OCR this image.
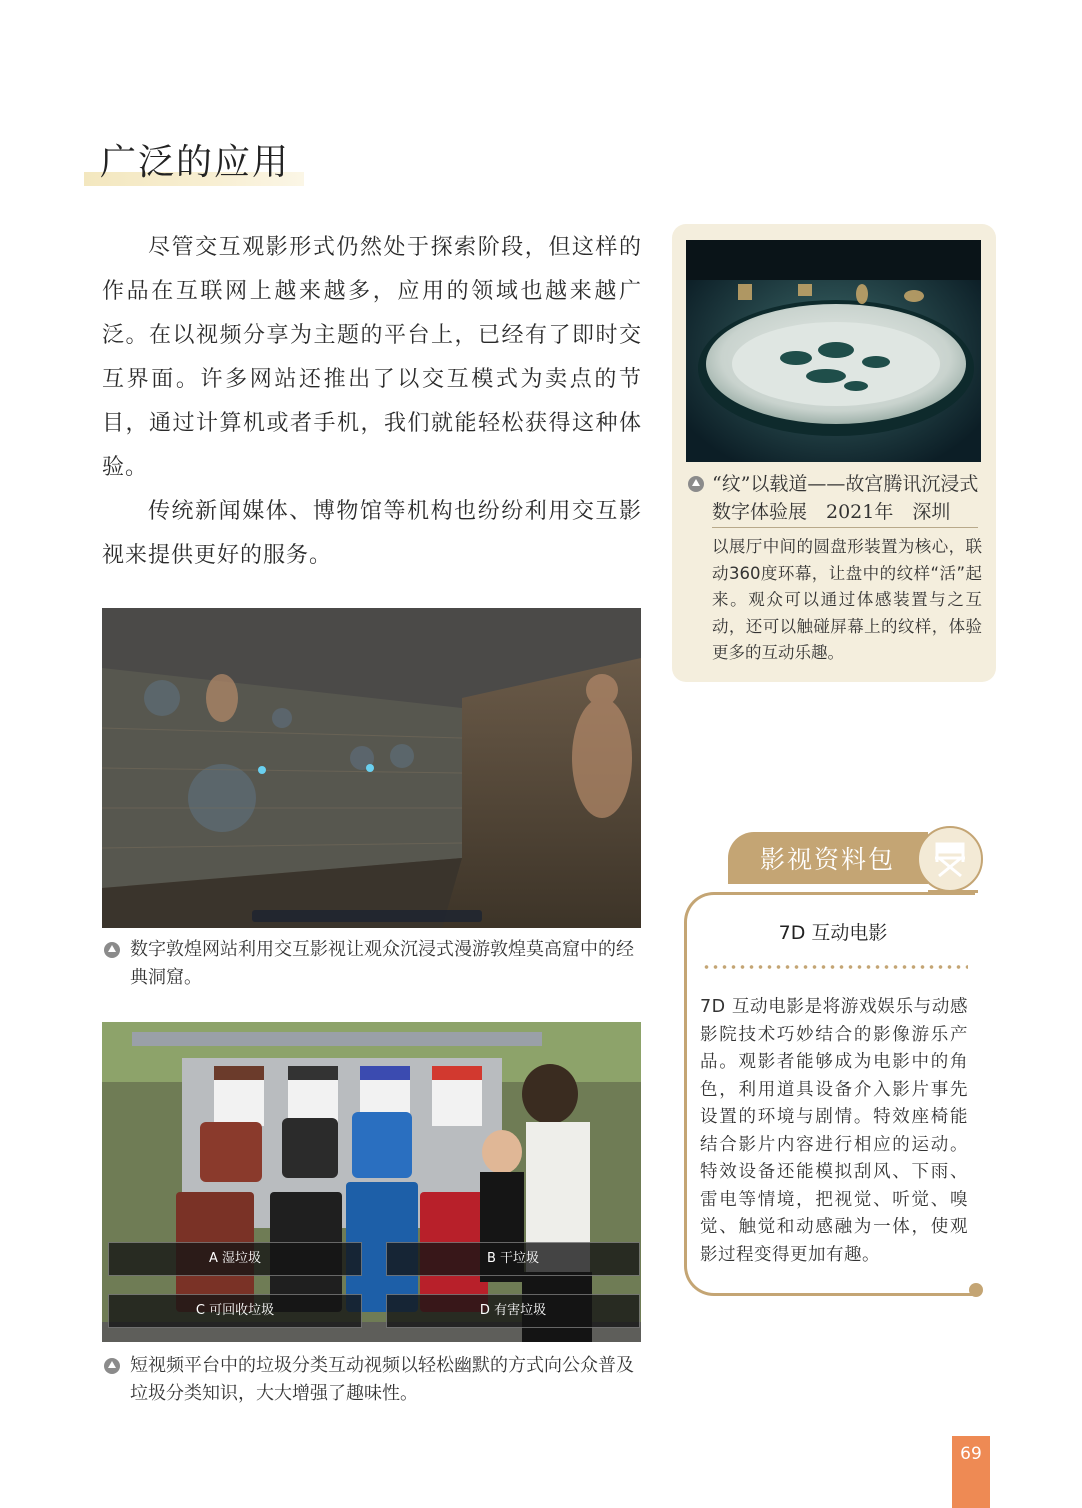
广泛的应用
尽管交互观影形式仍然处于探索阶段，但这样的作品在互联网上越来越多，应用的领域也越来越广泛。在以视频分享为主题的平台上，已经有了即时交互界面。许多网站还推出了以交互模式为卖点的节目，通过计算机或者手机，我们就能轻松获得这种体验。
传统新闻媒体、博物馆等机构也纷纷利用交互影视来提供更好的服务。
数字敦煌网站利用交互影视让观众沉浸式漫游敦煌莫高窟中的经典洞窟。
A 湿垃圾	B 干垃圾
C 可回收垃圾	D 有害垃圾
短视频平台中的垃圾分类互动视频以轻松幽默的方式向公众普及垃圾分类知识，大大增强了趣味性。
“纹”以载道——故宫腾讯沉浸式数字体验展　2021年　深圳
以展厅中间的圆盘形装置为核心，联动360度环幕，让盘中的纹样“活”起来。观众可以通过体感装置与之互动，还可以触碰屏幕上的纹样，体验更多的互动乐趣。
影视资料包
7D 互动电影
7D 互动电影是将游戏娱乐与动感影院技术巧妙结合的影像游乐产品。观影者能够成为电影中的角色，利用道具设备介入影片事先设置的环境与剧情。特效座椅能结合影片内容进行相应的运动。特效设备还能模拟刮风、下雨、雷电等情境，把视觉、听觉、嗅觉、触觉和动感融为一体，使观影过程变得更加有趣。
69
